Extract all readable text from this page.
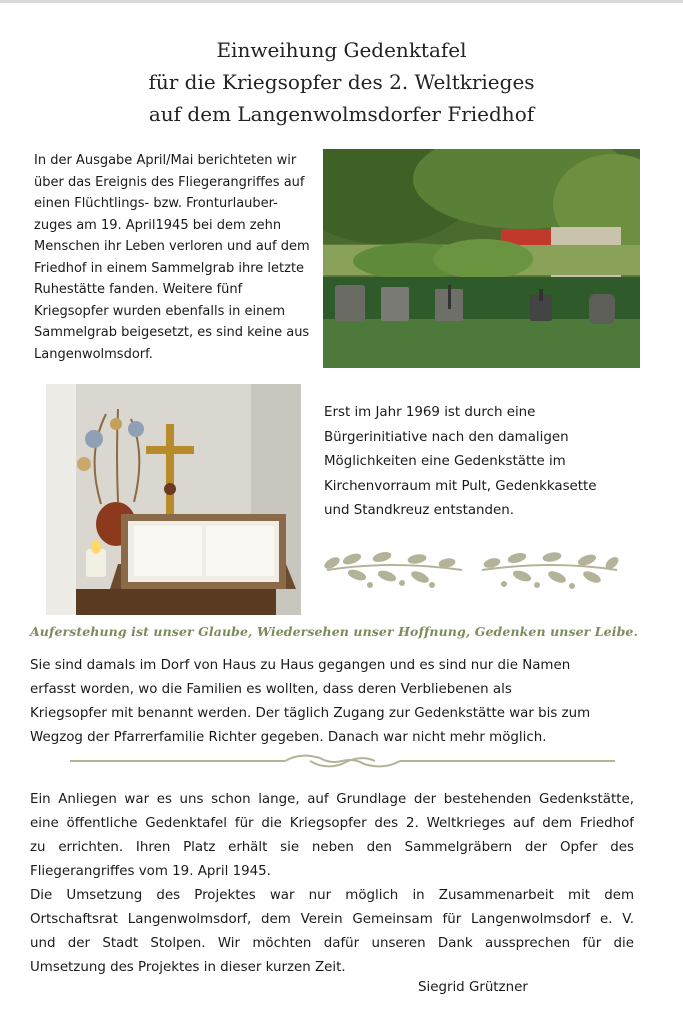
Einweihung Gedenktafel
für die Kriegsopfer des 2. Weltkrieges
auf dem Langenwolmsdorfer Friedhof
In der Ausgabe April/Mai berichteten wir
über das Ereignis des Fliegerangriffes auf
einen Flüchtlings- bzw. Fronturlauber-
zuges am 19. April1945 bei dem zehn
Menschen ihr Leben verloren und auf dem
Friedhof in einem Sammelgrab ihre letzte
Ruhestätte fanden. Weitere fünf
Kriegsopfer wurden ebenfalls in einem
Sammelgrab beigesetzt, es sind keine aus
Langenwolmsdorf.
Erst im Jahr 1969 ist durch eine
Bürgerinitiative nach den damaligen
Möglichkeiten eine Gedenkstätte im
Kirchenvorraum mit Pult, Gedenkkasette
und Standkreuz entstanden.
Auferstehung ist unser Glaube, Wiedersehen unser Hoffnung, Gedenken unser Leibe.
Sie sind damals im Dorf von Haus zu Haus gegangen und es sind nur die Namen
erfasst worden, wo die Familien es wollten, dass deren Verbliebenen als
Kriegsopfer mit benannt werden. Der täglich Zugang zur Gedenkstätte war bis zum
Wegzog der Pfarrerfamilie Richter gegeben. Danach war nicht mehr möglich.
Ein Anliegen war es uns schon lange, auf Grundlage der bestehenden Gedenkstätte,
eine öffentliche Gedenktafel für die Kriegsopfer des 2. Weltkrieges auf dem Friedhof
zu errichten. Ihren Platz erhält sie neben den Sammelgräbern der Opfer des
Fliegerangriffes vom 19. April 1945.
Die Umsetzung des Projektes war nur möglich in Zusammenarbeit mit dem
Ortschaftsrat Langenwolmsdorf, dem Verein Gemeinsam für Langenwolmsdorf e. V.
und der Stadt Stolpen. Wir möchten dafür unseren Dank aussprechen für die
Umsetzung des Projektes in dieser kurzen Zeit.
Siegrid Grützner
